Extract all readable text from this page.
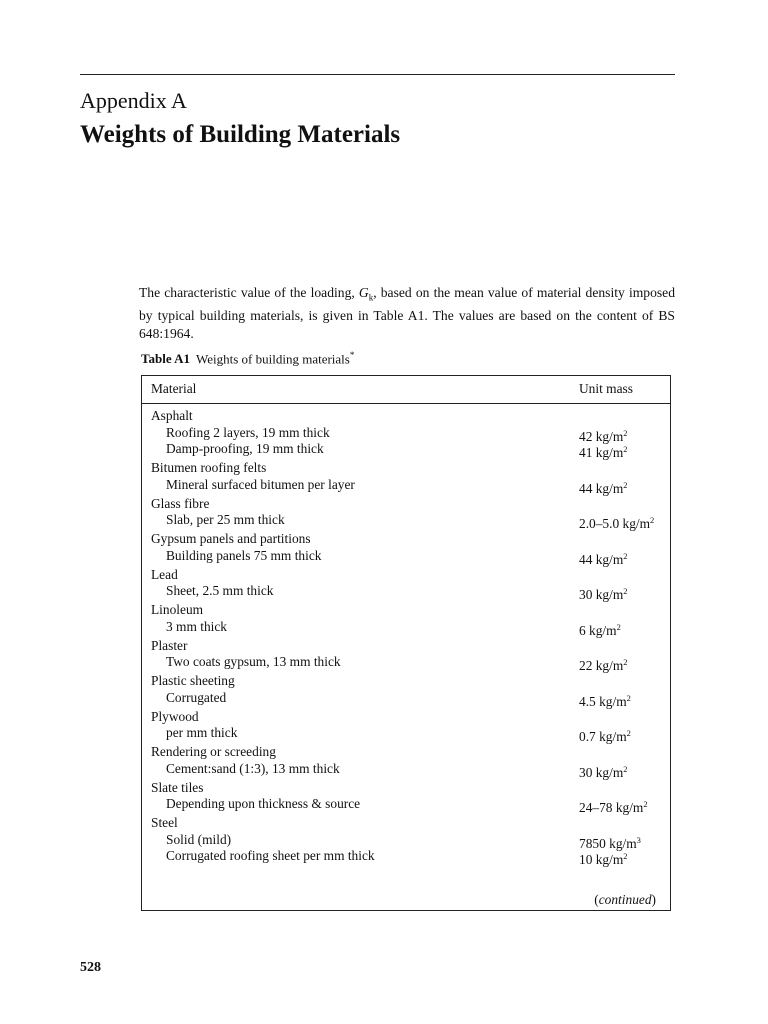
Appendix A
Weights of Building Materials
The characteristic value of the loading, $G_k$, based on the mean value of material density imposed by typical building materials, is given in Table A1. The values are based on the content of BS 648:1964.
Table A1 Weights of building materials*
Material	Unit mass
Asphalt
Roofing 2 layers, 19 mm thick	42 $kg/m^2$
Damp-proofing, 19 mm thick	41 $kg/m^2$
Bitumen roofing felts
Mineral surfaced bitumen per layer	44 $kg/m^2$
Glass fibre
Slab, per 25 mm thick	2.0–5.0 $kg/m^2$
Gypsum panels and partitions
Building panels 75 mm thick	44 $kg/m^2$
Lead
Sheet, 2.5 mm thick	30 $kg/m^2$
Linoleum
3 mm thick	6 $kg/m^2$
Plaster
Two coats gypsum, 13 mm thick	22 $kg/m^2$
Plastic sheeting
Corrugated	4.5 $kg/m^2$
Plywood
per mm thick	0.7 $kg/m^2$
Rendering or screeding
Cement:sand (1:3), 13 mm thick	30 $kg/m^2$
Slate tiles
Depending upon thickness & source	24–78 $kg/m^2$
Steel
Solid (mild)	7850 $kg/m^3$
Corrugated roofing sheet per mm thick	10 $kg/m^2$
(continued)
528
